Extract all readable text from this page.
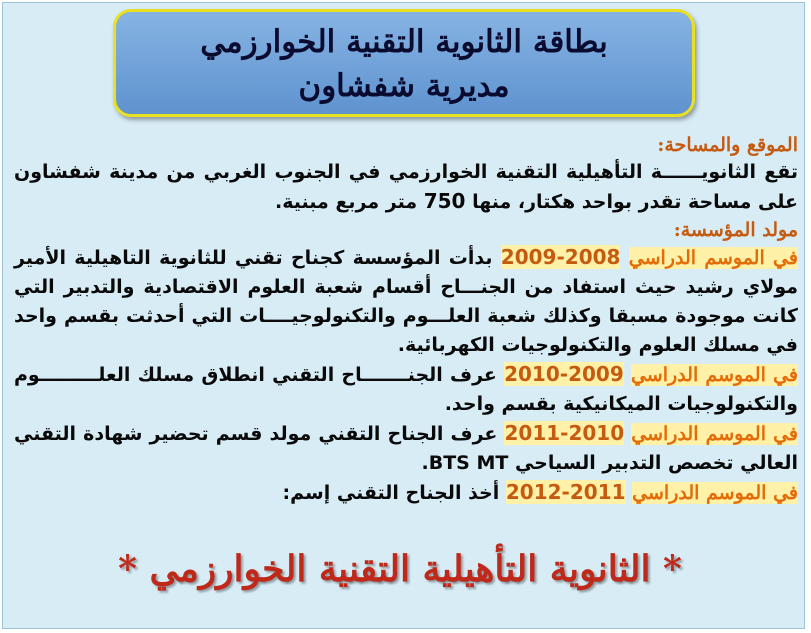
بطاقة الثانوية التقنية الخوارزمي
مديرية شفشاون
الموقع والمساحة:

تقع الثانويــــــة التأهيلية التقنية الخوارزمي في الجنوب الغربي من مدينة شفشاون على مساحة تقدر بواحد هكتار، منها 750 متر مربع مبنية.

مولد المؤسسة:

في الموسم الدراسي 2008-2009 بدأت المؤسسة كجناح تقني للثانوية التاهيلية الأمير مولاي رشيد حيث استفاد من الجنـــاح أقسام شعبة العلوم الاقتصادية والتدبير التي كانت موجودة مسبقا وكذلك شعبة العلـــوم والتكنولوجيــــات التي أحدثت بقسم واحد في مسلك العلوم والتكنولوجيات الكهربائية.

في الموسم الدراسي 2009-2010 عرف الجنـــــــاح التقني انطلاق مسلك العلـــــــــوم والتكنولوجيات الميكانيكية بقسم واحد.

في الموسم الدراسي 2010-2011 عرف الجناح التقني مولد قسم تحضير شهادة التقني العالي تخصص التدبير السياحي BTS MT.

في الموسم الدراسي 2011-2012 أخذ الجناح التقني إسم:

* الثانوية التأهيلية التقنية الخوارزمي *
